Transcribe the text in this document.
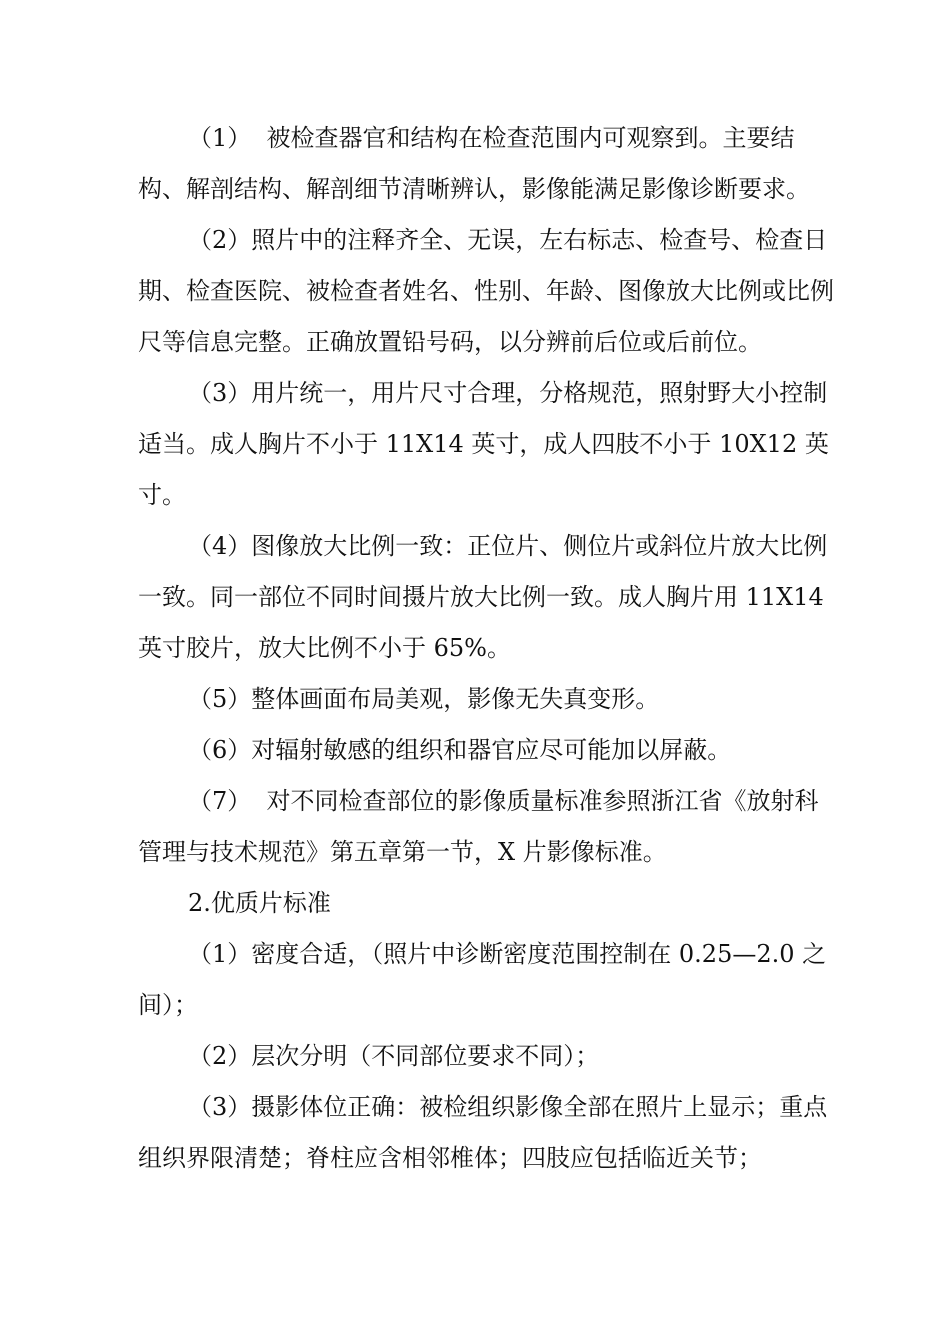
（1）  被检查器官和结构在检查范围内可观察到。主要结构、解剖结构、解剖细节清晰辨认，影像能满足影像诊断要求。

（2）照片中的注释齐全、无误，左右标志、检查号、检查日期、检查医院、被检查者姓名、性别、年龄、图像放大比例或比例尺等信息完整。正确放置铅号码，以分辨前后位或后前位。

（3）用片统一，用片尺寸合理，分格规范，照射野大小控制适当。成人胸片不小于 11X14 英寸，成人四肢不小于 10X12 英寸。

（4）图像放大比例一致：正位片、侧位片或斜位片放大比例一致。同一部位不同时间摄片放大比例一致。成人胸片用 11X14 英寸胶片，放大比例不小于 65%。

（5）整体画面布局美观，影像无失真变形。

（6）对辐射敏感的组织和器官应尽可能加以屏蔽。

（7）  对不同检查部位的影像质量标准参照浙江省《放射科管理与技术规范》第五章第一节，X 片影像标准。

2.优质片标准

（1）密度合适，（照片中诊断密度范围控制在 0.25—2.0 之间）；

（2）层次分明（不同部位要求不同）；

（3）摄影体位正确：被检组织影像全部在照片上显示；重点组织界限清楚；脊柱应含相邻椎体；四肢应包括临近关节；
